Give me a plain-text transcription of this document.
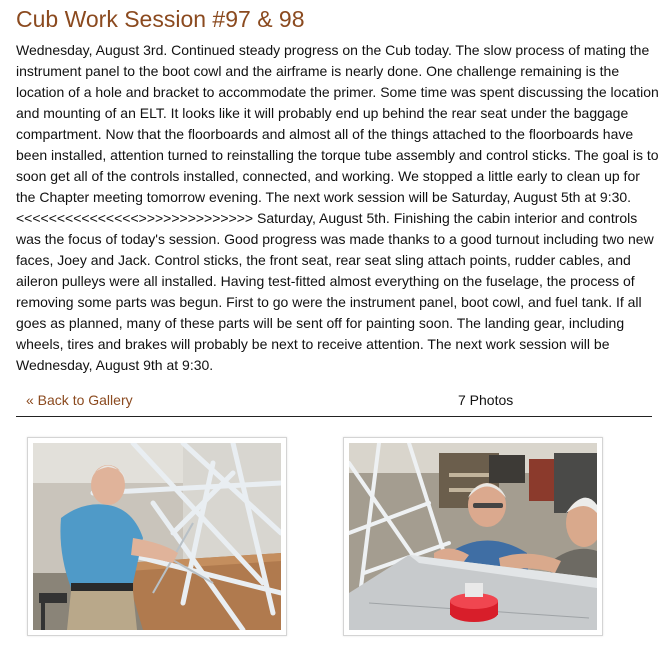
Cub Work Session #97 & 98

Wednesday, August 3rd. Continued steady progress on the Cub today. The slow process of mating the instrument panel to the boot cowl and the airframe is nearly done. One challenge remaining is the location of a hole and bracket to accommodate the primer. Some time was spent discussing the location and mounting of an ELT. It looks like it will probably end up behind the rear seat under the baggage compartment. Now that the floorboards and almost all of the things attached to the floorboards have been installed, attention turned to reinstalling the torque tube assembly and control sticks. The goal is to soon get all of the controls installed, connected, and working. We stopped a little early to clean up for the Chapter meeting tomorrow evening. The next work session will be Saturday, August 5th at 9:30. <<<<<<<<<<<<<<<>>>>>>>>>>>>>> Saturday, August 5th. Finishing the cabin interior and controls was the focus of today's session. Good progress was made thanks to a good turnout including two new faces, Joey and Jack. Control sticks, the front seat, rear seat sling attach points, rudder cables, and aileron pulleys were all installed. Having test-fitted almost everything on the fuselage, the process of removing some parts was begun. First to go were the instrument panel, boot cowl, and fuel tank. If all goes as planned, many of these parts will be sent off for painting soon. The landing gear, including wheels, tires and brakes will probably be next to receive attention. The next work session will be Wednesday, August 9th at 9:30.

« Back to Gallery	7 Photos
